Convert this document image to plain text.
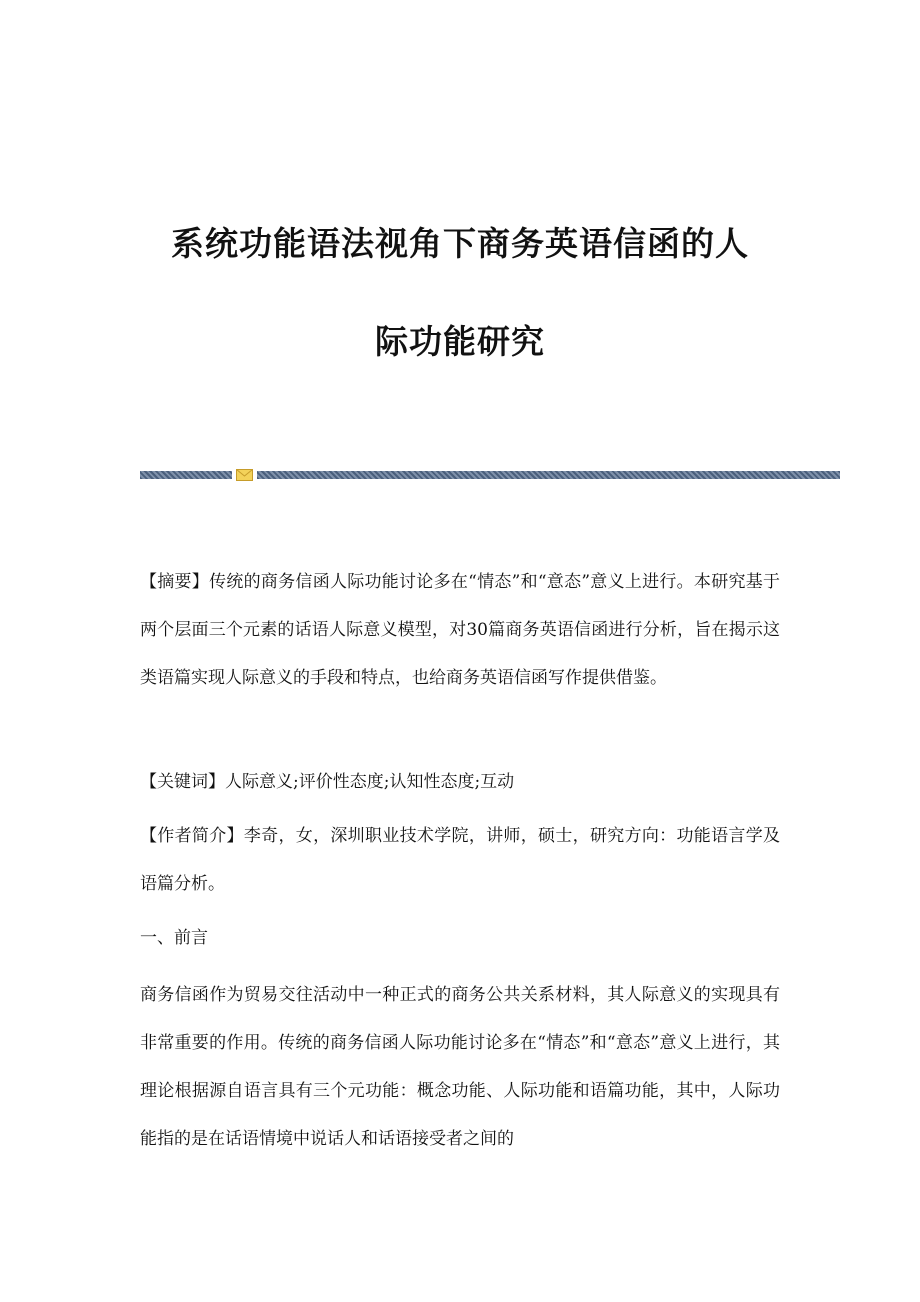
系统功能语法视角下商务英语信函的人
际功能研究

【摘要】传统的商务信函人际功能讨论多在“情态”和“意态”意义上进行。本研究基于两个层面三个元素的话语人际意义模型，对30篇商务英语信函进行分析，旨在揭示这类语篇实现人际意义的手段和特点，也给商务英语信函写作提供借鉴。

【关键词】人际意义;评价性态度;认知性态度;互动

【作者简介】李奇，女，深圳职业技术学院，讲师，硕士，研究方向：功能语言学及语篇分析。

一、前言

商务信函作为贸易交往活动中一种正式的商务公共关系材料，其人际意义的实现具有非常重要的作用。传统的商务信函人际功能讨论多在“情态”和“意态”意义上进行，其理论根据源自语言具有三个元功能：概念功能、人际功能和语篇功能，其中，人际功能指的是在话语情境中说话人和话语接受者之间的
